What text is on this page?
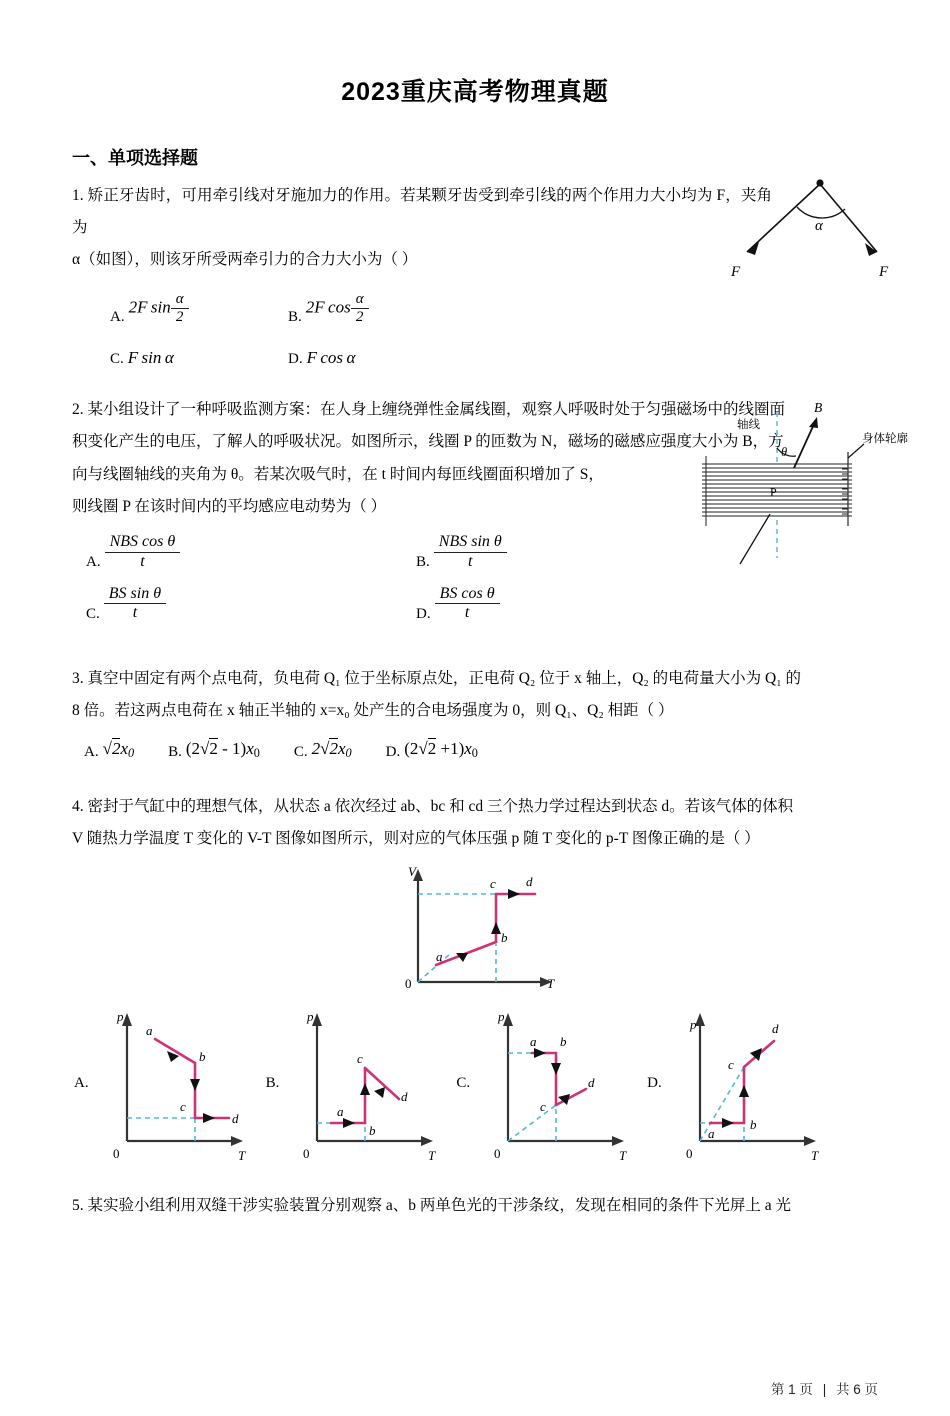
2023重庆高考物理真题
一、单项选择题
1. 矫正牙齿时，可用牵引线对牙施加力的作用。若某颗牙齿受到牵引线的两个作用力大小均为 F，夹角为
α（如图），则该牙所受两牵引力的合力大小为（ ）
A.
2F $\sin \frac{\alpha}{2}$	B.
2F $\cos \frac{\alpha}{2}$
C. F sin α	D. F cos α
α
F	F
2. 某小组设计了一种呼吸监测方案：在人身上缠绕弹性金属线圈，观察人呼吸时处于匀强磁场中的线圈面
积变化产生的电压，了解人的呼吸状况。如图所示，线圈 P 的匝数为 N，磁场的磁感应强度大小为 B，方
向与线圈轴线的夹角为 θ。若某次吸气时，在 t 时间内每匝线圈面积增加了 S，
则线圈 P 在该时间内的平均感应电动势为（ ）
A. $\frac{\text{NBS cos θ}}{t}$	B. $\frac{\text{NBS sin θ}}{t}$
C. $\frac{\text{BS sin θ}}{t}$	D. $\frac{\text{BS cos θ}}{t}$
轴线
B
θ
身体轮廓
P
3. 真空中固定有两个点电荷，负电荷 Q₁ 位于坐标原点处，正电荷 Q₂ 位于 x 轴上，Q₂ 的电荷量大小为 Q₁ 的
8 倍。若这两点电荷在 x 轴正半轴的 x=x₀ 处产生的合电场强度为 0，则 Q₁、Q₂ 相距（ ）
A. $√2x_0$ B. $(2√2 - 1)x_0$ C. $2√2x_0$ D. $(2√2 +1)x_0$
4. 密封于气缸中的理想气体，从状态 a 依次经过 ab、bc 和 cd 三个热力学过程达到状态 d。若该气体的体积
V 随热力学温度 T 变化的 V-T 图像如图所示，则对应的气体压强 p 随 T 变化的 p-T 图像正确的是（ ）
V
T
0
a
b
c d
A.
p
T
0
a
b
c
d
B.
p
T
0
a
b
c
d
C.
p
T
0
a b
c
d	D.
p
T
0
a
b
c
d
5. 某实验小组利用双缝干涉实验装置分别观察 a、b 两单色光的干涉条纹，发现在相同的条件下光屏上 a 光
第 1 页 | 共 6 页
